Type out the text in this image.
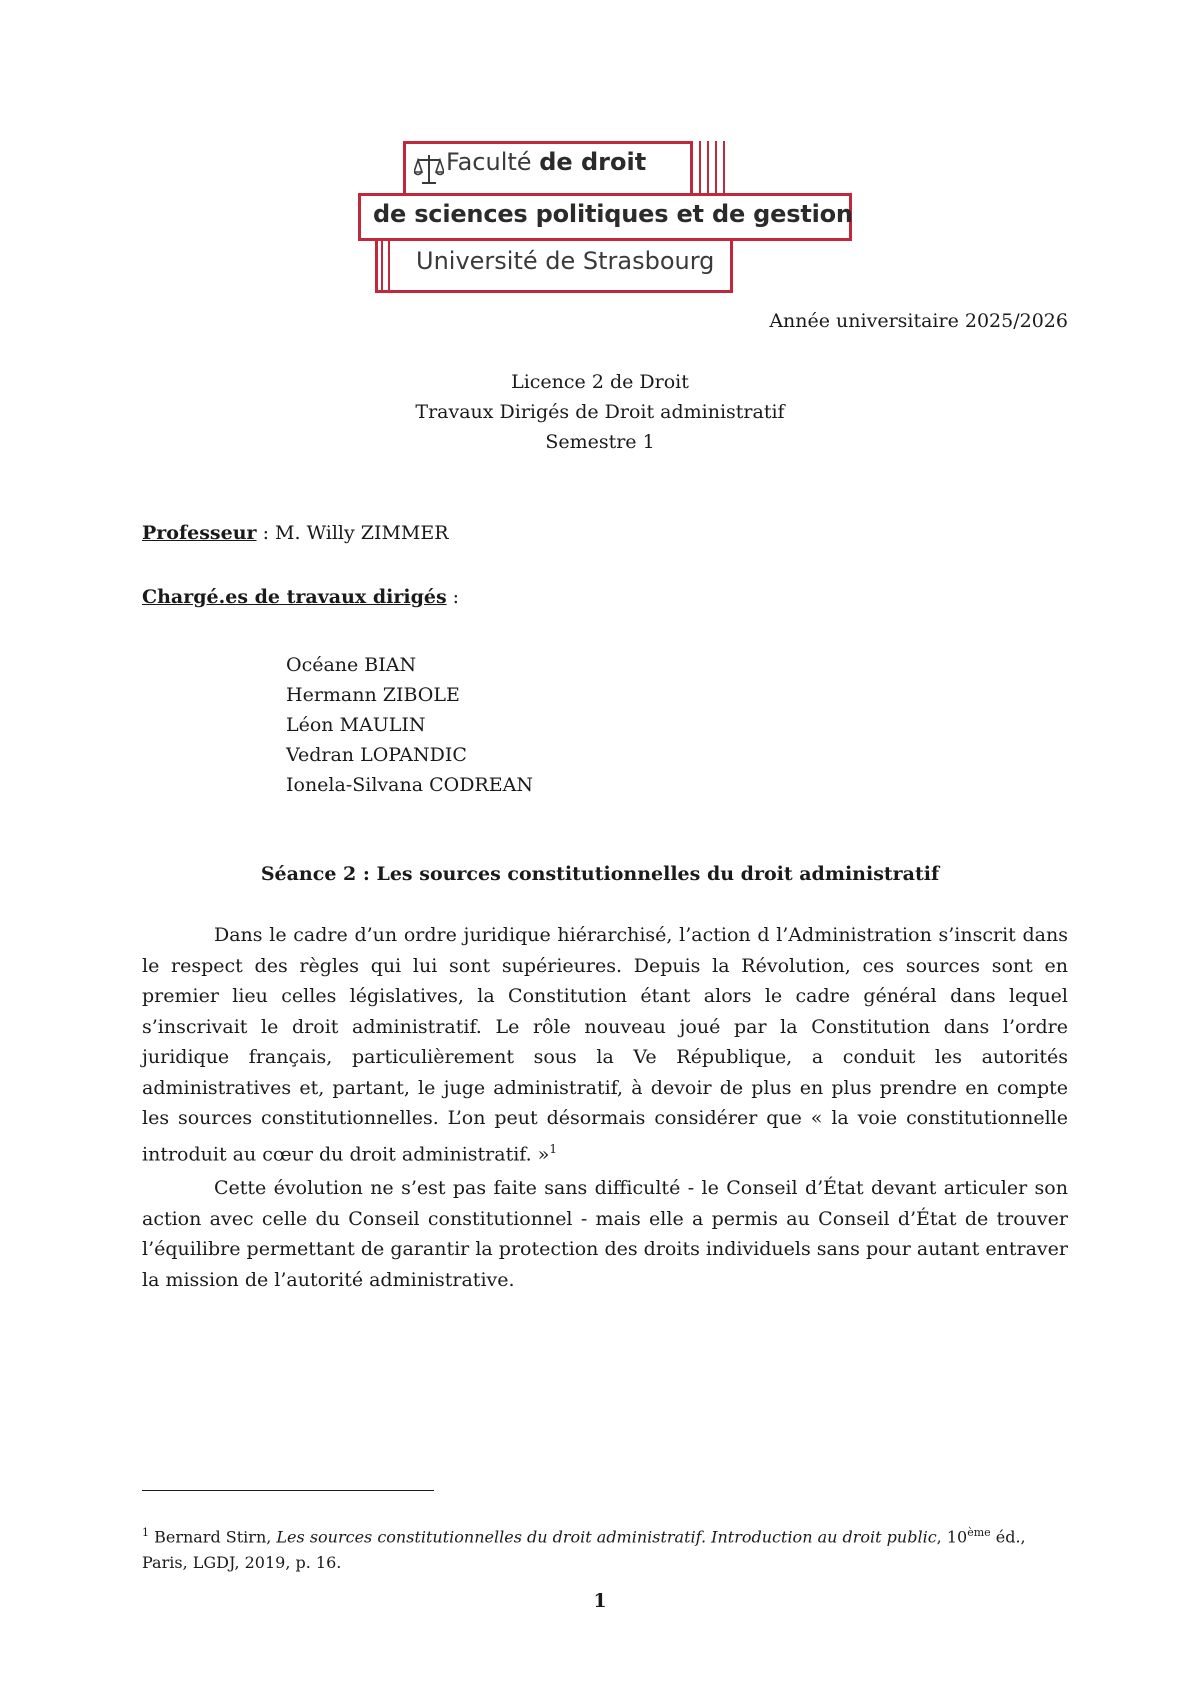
Faculté de droit
de sciences politiques et de gestion
Université de Strasbourg
Année universitaire 2025/2026
Licence 2 de Droit
Travaux Dirigés de Droit administratif
Semestre 1
Professeur : M. Willy ZIMMER
Chargé.es de travaux dirigés :
Océane BIAN
Hermann ZIBOLE
Léon MAULIN
Vedran LOPANDIC
Ionela-Silvana CODREAN
Séance 2 : Les sources constitutionnelles du droit administratif

Dans le cadre d’un ordre juridique hiérarchisé, l’action d l’Administration s’inscrit dans le respect des règles qui lui sont supérieures. Depuis la Révolution, ces sources sont en premier lieu celles législatives, la Constitution étant alors le cadre général dans lequel s’inscrivait le droit administratif. Le rôle nouveau joué par la Constitution dans l’ordre juridique français, particulièrement sous la Ve République, a conduit les autorités administratives et, partant, le juge administratif, à devoir de plus en plus prendre en compte les sources constitutionnelles. L’on peut désormais considérer que « la voie constitutionnelle introduit au cœur du droit administratif. »$^1$

Cette évolution ne s’est pas faite sans difficulté - le Conseil d’État devant articuler son action avec celle du Conseil constitutionnel - mais elle a permis au Conseil d’État de trouver l’équilibre permettant de garantir la protection des droits individuels sans pour autant entraver la mission de l’autorité administrative.

$^1$ Bernard Stirn, Les sources constitutionnelles du droit administratif. Introduction au droit public, 10ème éd., Paris, LGDJ, 2019, p. 16.
1
